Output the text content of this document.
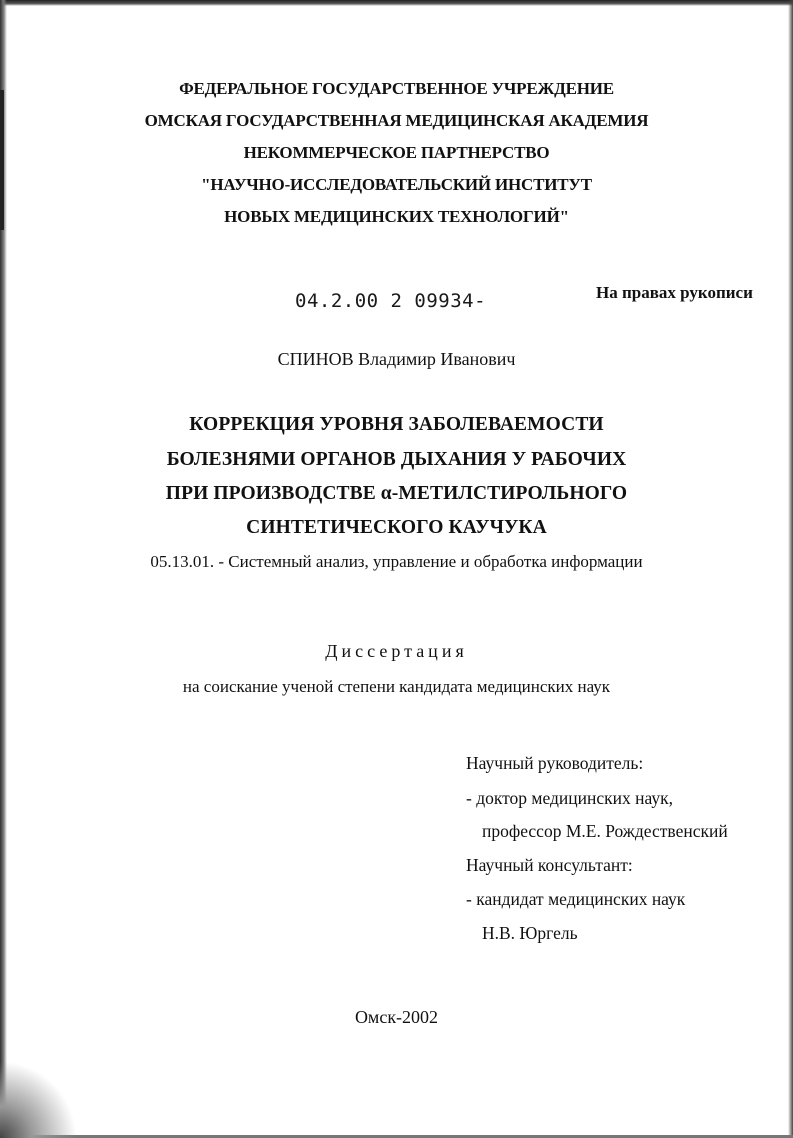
ФЕДЕРАЛЬНОЕ ГОСУДАРСТВЕННОЕ УЧРЕЖДЕНИЕ
ОМСКАЯ ГОСУДАРСТВЕННАЯ МЕДИЦИНСКАЯ АКАДЕМИЯ
НЕКОММЕРЧЕСКОЕ ПАРТНЕРСТВО
"НАУЧНО-ИССЛЕДОВАТЕЛЬСКИЙ ИНСТИТУТ
НОВЫХ МЕДИЦИНСКИХ ТЕХНОЛОГИЙ"
04.2.00 2 09934-	На правах рукописи
СПИНОВ Владимир Иванович
КОРРЕКЦИЯ УРОВНЯ ЗАБОЛЕВАЕМОСТИ
БОЛЕЗНЯМИ ОРГАНОВ ДЫХАНИЯ У РАБОЧИХ
ПРИ ПРОИЗВОДСТВЕ α-МЕТИЛСТИРОЛЬНОГО
СИНТЕТИЧЕСКОГО КАУЧУКА
05.13.01. - Системный анализ, управление и обработка информации
Диссертация
на соискание ученой степени кандидата медицинских наук
Научный руководитель:
- доктор медицинских наук,
профессор М.Е. Рождественский
Научный консультант:
- кандидат медицинских наук
Н.В. Юргель
Омск-2002
